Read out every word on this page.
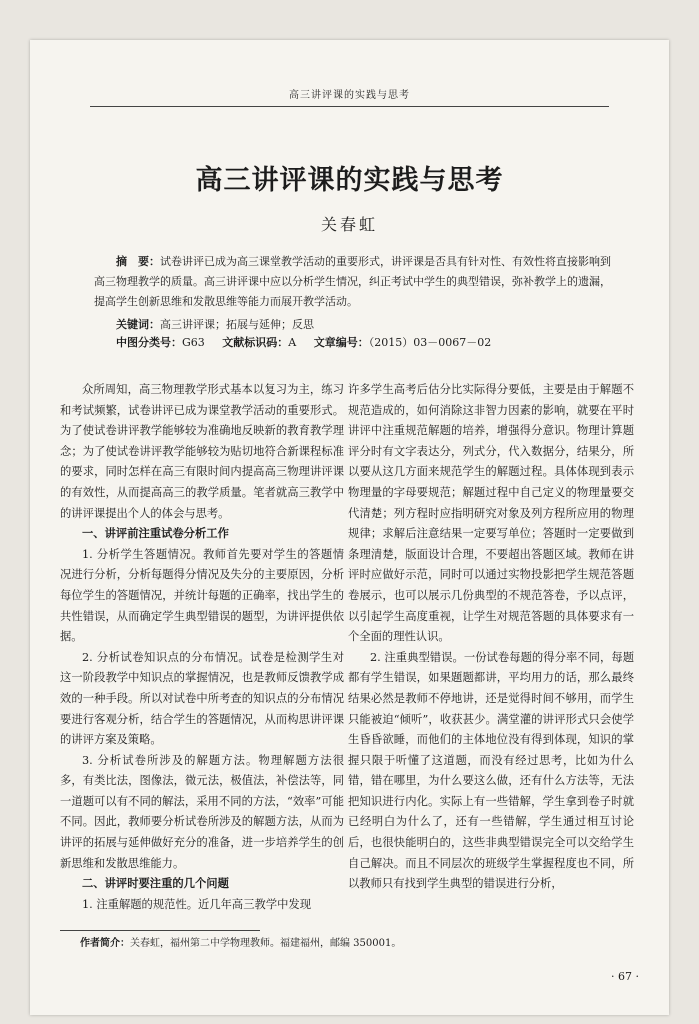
高三讲评课的实践与思考
高三讲评课的实践与思考
关春虹
摘　要：试卷讲评已成为高三课堂教学活动的重要形式，讲评课是否具有针对性、有效性将直接影响到高三物理教学的质量。高三讲评课中应以分析学生情况，纠正考试中学生的典型错误，弥补教学上的遗漏，提高学生创新思维和发散思维等能力而展开教学活动。
关键词：高三讲评课；拓展与延伸；反思
中图分类号：G63 文献标识码：A 文章编号：（2015）03－0067－02

众所周知，高三物理教学形式基本以复习为主，练习和考试频繁，试卷讲评已成为课堂教学活动的重要形式。为了使试卷讲评教学能够较为准确地反映新的教育教学理念；为了使试卷讲评教学能够较为贴切地符合新课程标准的要求，同时怎样在高三有限时间内提高高三物理讲评课的有效性，从而提高高三的教学质量。笔者就高三教学中的讲评课提出个人的体会与思考。

一、讲评前注重试卷分析工作

1. 分析学生答题情况。教师首先要对学生的答题情况进行分析，分析每题得分情况及失分的主要原因，分析每位学生的答题情况，并统计每题的正确率，找出学生的共性错误，从而确定学生典型错误的题型，为讲评提供依据。

2. 分析试卷知识点的分布情况。试卷是检测学生对这一阶段教学中知识点的掌握情况，也是教师反馈教学成效的一种手段。所以对试卷中所考查的知识点的分布情况要进行客观分析，结合学生的答题情况，从而构思讲评课的讲评方案及策略。

3. 分析试卷所涉及的解题方法。物理解题方法很多，有类比法，图像法，微元法，极值法，补偿法等，同一道题可以有不同的解法，采用不同的方法，“效率”可能不同。因此，教师要分析试卷所涉及的解题方法，从而为讲评的拓展与延伸做好充分的准备，进一步培养学生的创新思维和发散思维能力。

二、讲评时要注重的几个问题

1. 注重解题的规范性。近几年高三教学中发现

许多学生高考后估分比实际得分要低，主要是由于解题不规范造成的，如何消除这非智力因素的影响，就要在平时讲评中注重规范解题的培养，增强得分意识。物理计算题评分时有文字表达分，列式分，代入数据分，结果分，所以要从这几方面来规范学生的解题过程。具体体现到表示物理量的字母要规范；解题过程中自己定义的物理量要交代清楚；列方程时应指明研究对象及列方程所应用的物理规律；求解后注意结果一定要写单位；答题时一定要做到条理清楚，版面设计合理，不要超出答题区域。教师在讲评时应做好示范，同时可以通过实物投影把学生规范答题卷展示，也可以展示几份典型的不规范答卷，予以点评，以引起学生高度重视，让学生对规范答题的具体要求有一个全面的理性认识。

2. 注重典型错误。一份试卷每题的得分率不同，每题都有学生错误，如果题题都讲，平均用力的话，那么最终结果必然是教师不停地讲，还是觉得时间不够用，而学生只能被迫“倾听”，收获甚少。满堂灌的讲评形式只会使学生昏昏欲睡，而他们的主体地位没有得到体现，知识的掌握只限于听懂了这道题，而没有经过思考，比如为什么错，错在哪里，为什么要这么做，还有什么方法等，无法把知识进行内化。实际上有一些错解，学生拿到卷子时就已经明白为什么了，还有一些错解，学生通过相互讨论后，也很快能明白的，这些非典型错误完全可以交给学生自己解决。而且不同层次的班级学生掌握程度也不同，所以教师只有找到学生典型的错误进行分析，

作者简介：关春虹，福州第二中学物理教师。福建福州，邮编 350001。
· 67 ·
